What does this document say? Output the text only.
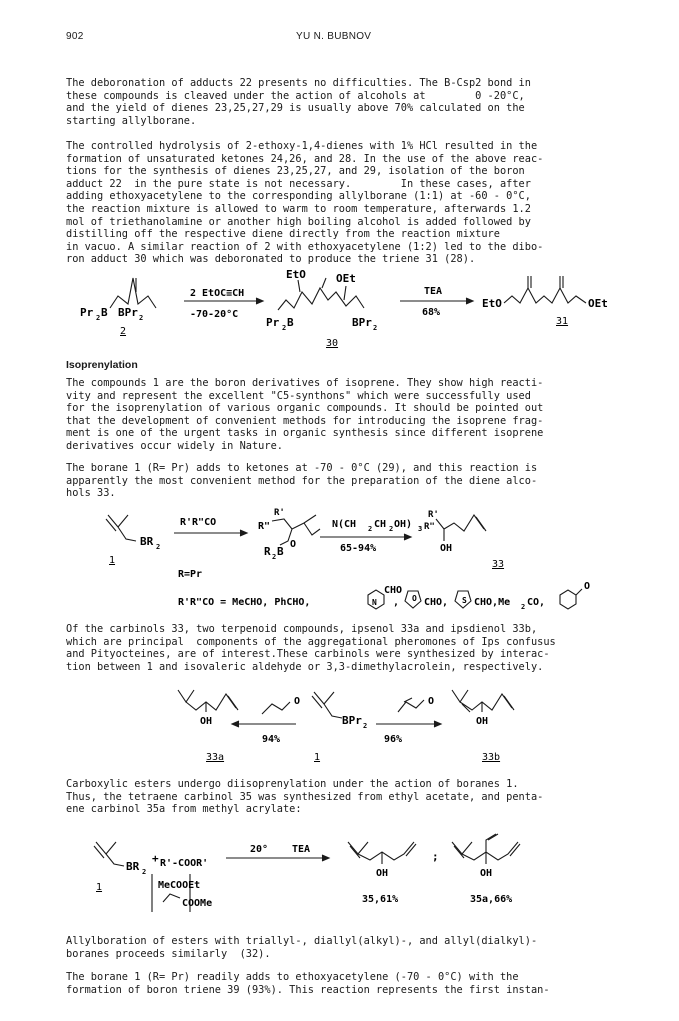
902	YU N. BUBNOV
The deboronation of adducts 22 presents no difficulties. The B-Csp2 bond in
these compounds is cleaved under the action of alcohols at        0 -20°C,
and the yield of dienes 23,25,27,29 is usually above 70% calculated on the
starting allylborane.
The controlled hydrolysis of 2-ethoxy-1,4-dienes with 1% HCl resulted in the
formation of unsaturated ketones 24,26, and 28. In the use of the above reac-
tions for the synthesis of dienes 23,25,27, and 29, isolation of the boron
adduct 22  in the pure state is not necessary.        In these cases, after
adding ethoxyacetylene to the corresponding allylborane (1:1) at -60 - 0°C,
the reaction mixture is allowed to warm to room temperature, afterwards 1.2
mol of triethanolamine or another high boiling alcohol is added followed by
distilling off the respective diene directly from the reaction mixture
in vacuo. A similar reaction of 2 with ethoxyacetylene (1:2) led to the dibo-
ron adduct 30 which was deboronated to produce the triene 31 (28).
Pr 2 B BPr 2
2
2 EtOC≡CH
-70-20°C
EtO	OEt
Pr 2 B	BPr 2
30
TEA
68%
EtO	OEt
31
Isoprenylation
The compounds 1 are the boron derivatives of isoprene. They show high reacti-
vity and represent the excellent "C5-synthons" which were successfully used
for the isoprenylation of various organic compounds. It should be pointed out
that the development of convenient methods for introducing the isoprene frag-
ment is one of the urgent tasks in organic synthesis since different isoprene
derivatives occur widely in Nature.
The borane 1 (R= Pr) adds to ketones at -70 - 0°C (29), and this reaction is
apparently the most convenient method for the preparation of the diene alco-
hols 33.
BR 2
1
R'R"CO
R'
R"
R 2 B
O
N(CH 2 CH 2 OH) 3
65-94%
R'
R"
OH
33
R=Pr
R'R"CO = MeCHO, PhCHO,
CHO
N , O CHO, S CHO,Me 2 CO,
O
Of the carbinols 33, two terpenoid compounds, ipsenol 33a and ipsdienol 33b,
which are principal  components of the aggregational pheromones of Ips confusus
and Pityocteines, are of interest.These carbinols were synthesized by interac-
tion between 1 and isovaleric aldehyde or 3,3-dimethylacrolein, respectively.
O	O
OH
94%
BPr 2
96%
OH
33a	1	33b
Carboxylic esters undergo diisoprenylation under the action of boranes 1.
Thus, the tetraene carbinol 35 was synthesized from ethyl acetate, and penta-
ene carbinol 35a from methyl acrylate:
BR 2
+ R'-COOR'
20° TEA
1	MeCOOEt
COOMe
OH
;
OH
35,61%	35a,66%
Allylboration of esters with triallyl-, diallyl(alkyl)-, and allyl(dialkyl)-
boranes proceeds similarly  (32).
The borane 1 (R= Pr) readily adds to ethoxyacetylene (-70 - 0°C) with the
formation of boron triene 39 (93%). This reaction represents the first instan-
